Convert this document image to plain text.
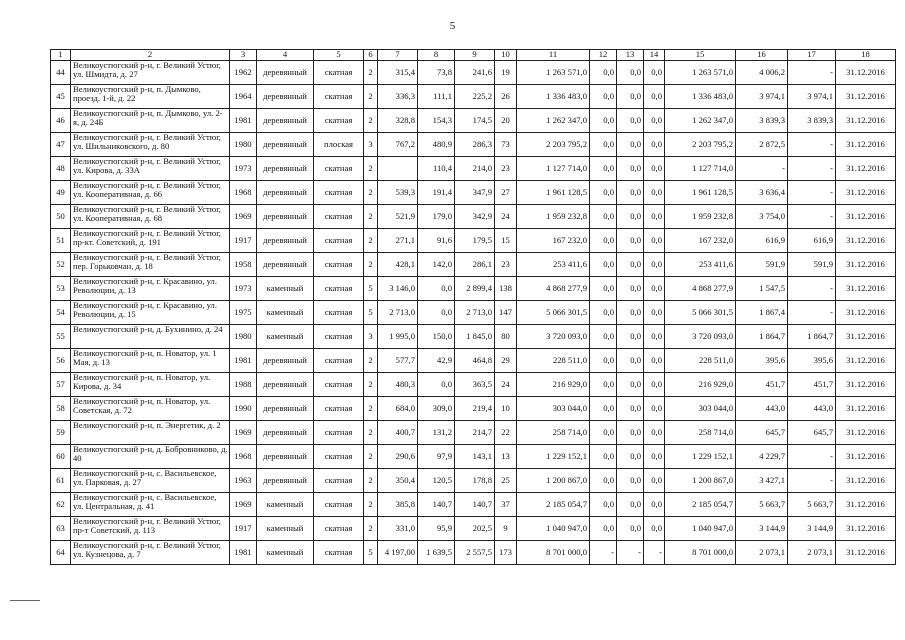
5
1	2	3	4	5	6	7	8	9	10	11	12	13	14	15	16	17	18
44	Великоустюгский р-н, г. Великий Устюг, ул. Шмидта, д. 27	1962	деревянный	скатная	2	315,4	73,8	241,6	19	1 263 571,0	0,0	0,0	0,0	1 263 571,0	4 006,2	-	31.12.2016
45	Великоустюгский р-н, п. Дымково, проезд. 1-й, д. 22	1964	деревянный	скатная	2	336,3	111,1	225,2	26	1 336 483,0	0,0	0,0	0,0	1 336 483,0	3 974,1	3 974,1	31.12.2016
46	Великоустюгский р-н, п. Дымково, ул. 2-я, д. 24Б	1981	деревянный	скатная	2	328,8	154,3	174,5	20	1 262 347,0	0,0	0,0	0,0	1 262 347,0	3 839,3	3 839,3	31.12.2016
47	Великоустюгский р-н, г. Великий Устюг, ул. Шильниковского, д. 80	1980	деревянный	плоская	3	767,2	480,9	286,3	73	2 203 795,2	0,0	0,0	0,0	2 203 795,2	2 872,5	-	31.12.2016
48	Великоустюгский р-н, г. Великий Устюг, ул. Кирова, д. 33А	1973	деревянный	скатная	2		110,4	214,0	23	1 127 714,0	0,0	0,0	0,0	1 127 714,0	-	-	31.12.2016
49	Великоустюгский р-н, г. Великий Устюг, ул. Кооперативная, д. 66	1968	деревянный	скатная	2	539,3	191,4	347,9	27	1 961 128,5	0,0	0,0	0,0	1 961 128,5	3 636,4	-	31.12.2016
50	Великоустюгский р-н, г. Великий Устюг, ул. Кооперативная, д. 68	1969	деревянный	скатная	2	521,9	179,0	342,9	24	1 959 232,8	0,0	0,0	0,0	1 959 232,8	3 754,0	-	31.12.2016
51	Великоустюгский р-н, г. Великий Устюг, пр-кт. Советский, д. 191	1917	деревянный	скатная	2	271,1	91,6	179,5	15	167 232,0	0,0	0,0	0,0	167 232,0	616,9	616,9	31.12.2016
52	Великоустюгский р-н, г. Великий Устюг, пер. Горьковчан, д. 18	1958	деревянный	скатная	2	428,1	142,0	286,1	23	253 411,6	0,0	0,0	0,0	253 411,6	591,9	591,9	31.12.2016
53	Великоустюгский р-н, г. Красавино, ул. Революции, д. 13	1973	каменный	скатная	5	3 146,0	0,0	2 899,4	138	4 868 277,9	0,0	0,0	0,0	4 868 277,9	1 547,5	-	31.12.2016
54	Великоустюгский р-н, г. Красавино, ул. Революции, д. 15	1975	каменный	скатная	5	2 713,0	0,0	2 713,0	147	5 066 301,5	0,0	0,0	0,0	5 066 301,5	1 867,4	-	31.12.2016
55	Великоустюгский р-н, д. Бухинино, д. 24	1980	каменный	скатная	3	1 995,0	150,0	1 845,0	80	3 720 093,0	0,0	0,0	0,0	3 720 093,0	1 864,7	1 864,7	31.12.2016
56	Великоустюгский р-н, п. Новатор, ул. 1 Мая, д. 13	1981	деревянный	скатная	2	577,7	42,9	464,8	29	228 511,0	0,0	0,0	0,0	228 511,0	395,6	395,6	31.12.2016
57	Великоустюгский р-н, п. Новатор, ул. Кирова, д. 34	1988	деревянный	скатная	2	480,3	0,0	363,5	24	216 929,0	0,0	0,0	0,0	216 929,0	451,7	451,7	31.12.2016
58	Великоустюгский р-н, п. Новатор, ул. Советская, д. 72	1990	деревянный	скатная	2	684,0	309,0	219,4	10	303 044,0	0,0	0,0	0,0	303 044,0	443,0	443,0	31.12.2016
59	Великоустюгский р-н, п. Энергетик, д. 2	1969	деревянный	скатная	2	400,7	131,2	214,7	22	258 714,0	0,0	0,0	0,0	258 714,0	645,7	645,7	31.12.2016
60	Великоустюгский р-н, д. Бобровниково, д. 40	1968	деревянный	скатная	2	290,6	97,9	143,1	13	1 229 152,1	0,0	0,0	0,0	1 229 152,1	4 229,7	-	31.12.2016
61	Великоустюгский р-н, с. Васильевское, ул. Парковая, д. 27	1963	деревянный	скатная	2	350,4	120,5	178,8	25	1 200 867,0	0,0	0,0	0,0	1 200 867,0	3 427,1	-	31.12.2016
62	Великоустюгский р-н, с. Васильевское, ул. Центральная, д. 41	1969	каменный	скатная	2	385,8	140,7	140,7	37	2 185 054,7	0,0	0,0	0,0	2 185 054,7	5 663,7	5 663,7	31.12.2016
63	Великоустюгский р-н, г. Великий Устюг, пр-т Советский, д. 113	1917	каменный	скатная	2	331,0	95,9	202,5	9	1 040 947,0	0,0	0,0	0,0	1 040 947,0	3 144,9	3 144,9	31.12.2016
64	Великоустюгский р-н, г. Великий Устюг, ул. Кузнецова, д. 7	1981	каменный	скатная	5	4 197,00	1 639,5	2 557,5	173	8 701 000,0	-	-	-	8 701 000,0	2 073,1	2 073,1	31.12.2016
